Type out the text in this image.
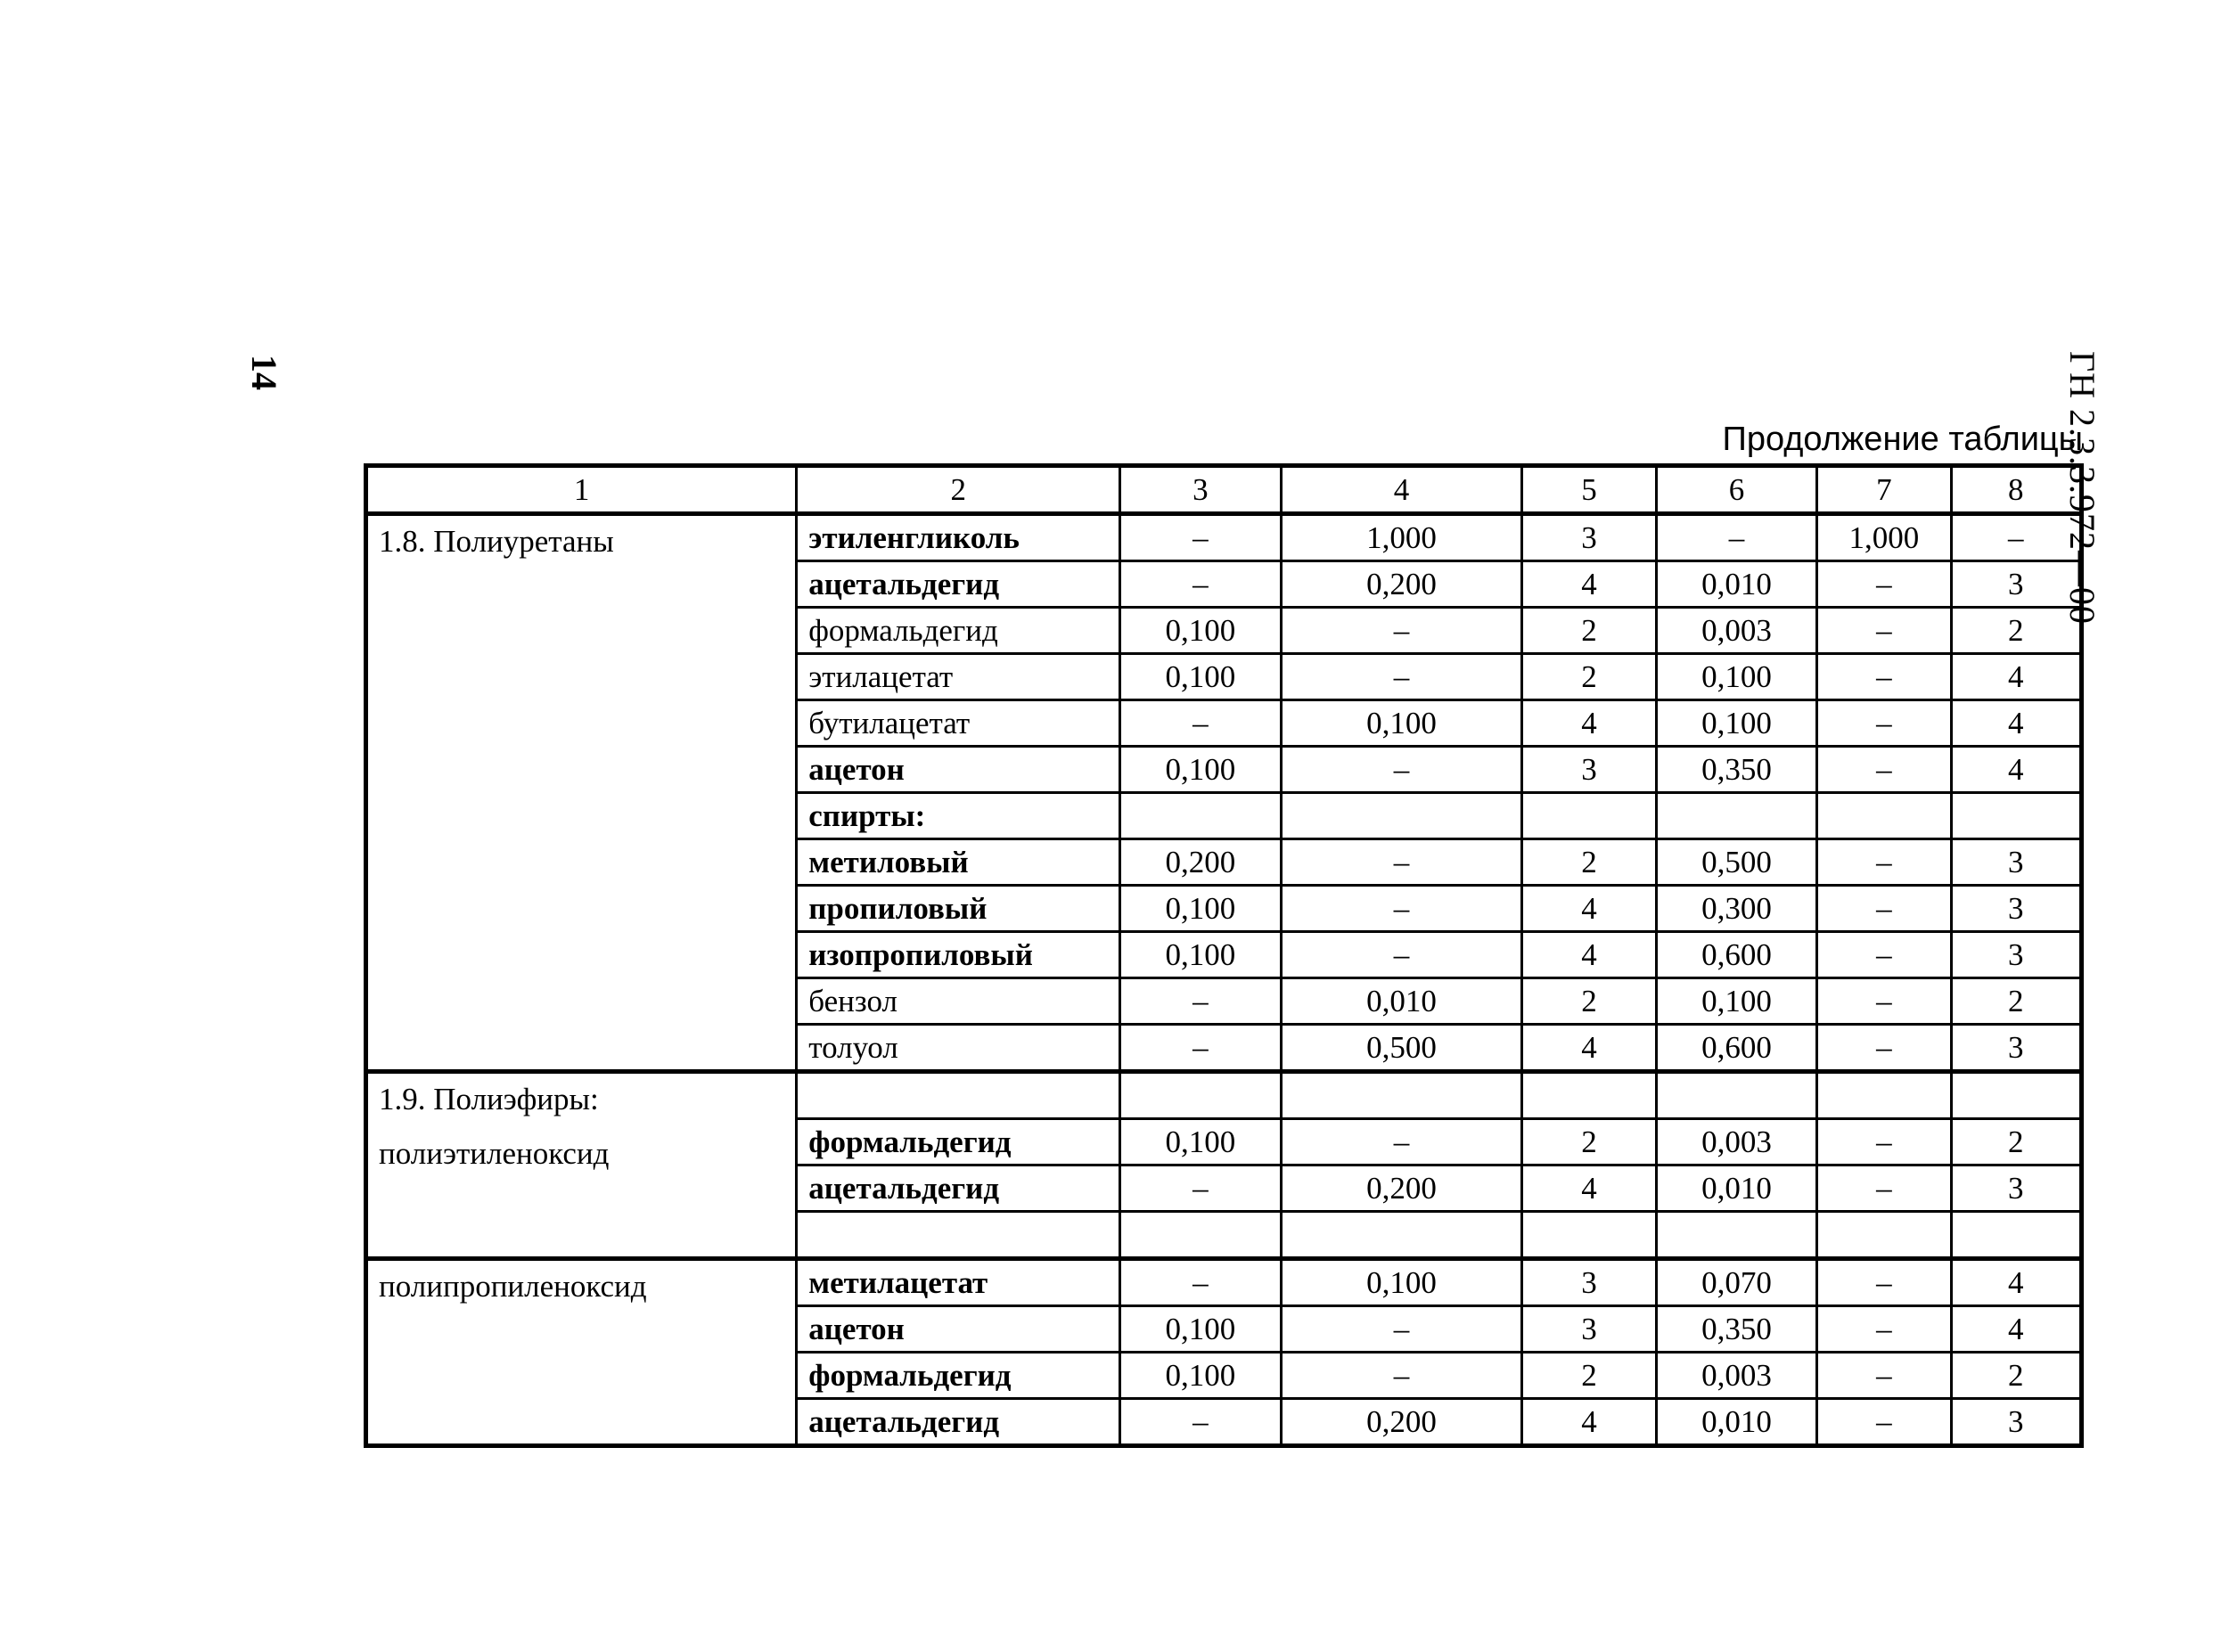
14	ГН 2.3.3.972—00
Продолжение таблицы
1	2	3	4	5	6	7	8

1.8. Полиуретаны	этиленгликоль	–	1,000	3	–	1,000	–
	ацетальдегид	–	0,200	4	0,010	–	3
	формальдегид	0,100	–	2	0,003	–	2
	этилацетат	0,100	–	2	0,100	–	4
	бутилацетат	–	0,100	4	0,100	–	4
	ацетон	0,100	–	3	0,350	–	4
	спирты:						
	метиловый	0,200	–	2	0,500	–	3
	пропиловый	0,100	–	4	0,300	–	3
	изопропиловый	0,100	–	4	0,600	–	3
	бензол	–	0,010	2	0,100	–	2
	толуол	–	0,500	4	0,600	–	3

1.9. Полиэфиры:
полиэтиленоксид							

	формальдегид	0,100	–	2	0,003	–	2
	ацетальдегид	–	0,200	4	0,010	–	3

полипропиленоксид	метилацетат	–	0,100	3	0,070	–	4
	ацетон	0,100	–	3	0,350	–	4
	формальдегид	0,100	–	2	0,003	–	2
	ацетальдегид	–	0,200	4	0,010	–	3
